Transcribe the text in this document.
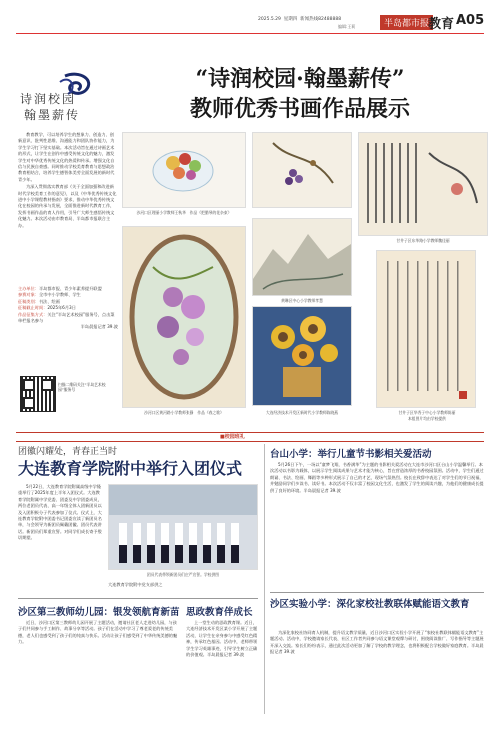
2025.5.29 星期四 新闻热线82488888
编辑:王莉	半岛都市报
教育 A05
诗润校园
翰墨薪传
“诗润校园·翰墨薪传”
教师优秀书画作品展示

教育教学，可以培养学生的想象力、创造力、创新意识、批判性思维、沟通能力和团队协作能力，为学生学习打下坚实基础。本次活动旨在通过诗画艺术的形式，让学生在创作中感受传统文化的魅力，激发学生对中华优秀传统文化的热爱和传承。增强文化自信与民族自豪感。同时推动学校美育教育与思想政治教育相结合，培养学生德智体美劳全面发展的新时代青少年。

为深入贯彻落实教育部《关于全面加强和改进新时代学校美育工作的意见》，以及《中华优秀传统文化进中小学课程教材指南》要求，推动中华优秀传统文化在校园的传承与发展，全面推进新时代教育工作，发挥书画作品的育人作用，引导广大师生感悟传统文化魅力。本次活动由市教育局、半岛都市报联合主办。

主办单位：半岛都市报、青少年素养提升联盟
参赛对象：全市中小学教师、学生
征稿类别：书法、绘画
征稿截止时间：2025年6月3日
作品征集方式：关注“半岛艺术校园”服务号，点击菜单栏报名参与
半岛晨报记者 39.波
扫描二维码关注“半岛艺术校园”服务号
沙河口区理丽小学教师王秋华　作品《把腊琴的花杂束》
甘井子区东华路小学教师魏佳丽
沙河口区黄河路小学教师张静　作品《春之歌》
黄琳区中心小学教师孝慧
大连经济技术开发区新时代小学教师陈晓燕	甘井子区华秀子中心小学教师陈丽
本组图片均由学校提供
■校园班礼
团徽闪耀处，青春正当时
大连教育学院附中举行入团仪式
5月22日，大连教育学院附属高级中学隆重举行了2025年度上半年入团仪式。大连教育学院附属中学党委、团委及中学团委成员，两位老团员代表、高一年级全体入团新团员以及入团积极分子代表参加了仪式。仪式上，大连教育学院附中团委书记团委宣读了新团员名单，与会领导为新团员佩戴团徽。团员代表讲话。新团员们郑重宣誓。对同学们成长寄予殷切期望。
团员代表带领新团员们庄严宣誓。学校供图
大连教育学院附中党支部供之
沙区第三教师幼儿园：银发领航育新苗
近日，沙河口区第三教师幼儿园开展了主题活动，邀请社区老人走进幼儿园，与孩子们共同参与手工制作、故事分享等活动。孩子们在活动中学习了尊老爱老的传统美德，老人们也感受到了孩子们的纯真与快乐。活动让孩子们感受到了中华传统美德的魅力。
思政教育伴成长
上一堂生动的思政教育课。近日，大连经济技术开发区某小学开展了主题活动，让学生在亲身参与中感受红色精神，传承红色基因。活动中，老师带领学生学习英雄事迹，引导学生树立正确的价值观。半岛晨报记者 39.波
台山小学：举行儿童节书影相关爱活动
5月26日下午，一场以“童梦飞翔，书香满华”为主题的书影相关爱活动在大连市沙河口区台山小学温馨举行。本次活动以书影为载体，以展示学生阅读成果与艺术才能为核心，旨在营造浓厚的书香校园氛围。活动中，学生们通过朗诵、书法、绘画、舞蹈等多种形式展示了自己的才艺，现场气氛热烈。校长在致辞中表达了对学生们的节日祝福，并勉励同学们多读书、读好书。本次活动不仅丰富了校园文化生活，也激发了学生的阅读兴趣，为他们的健康成长提供了良好的环境。半岛晨报记者 39.波
沙区实验小学：深化家校社教联体赋能语文教育
为深化家校社协同育人机制，提升语文教学质量，近日沙河口区实验小学开展了“家校社教联体赋能语文教育”主题活动。活动中，学校邀请家长代表、社区工作者共同参与语文课堂观摩与研讨，围绕阅读推广、写作指导等主题展开深入交流。家长们纷纷表示，通过此次活动更加了解了学校的教学理念，也将积极配合学校做好家庭教育。半岛晨报记者 39.波
